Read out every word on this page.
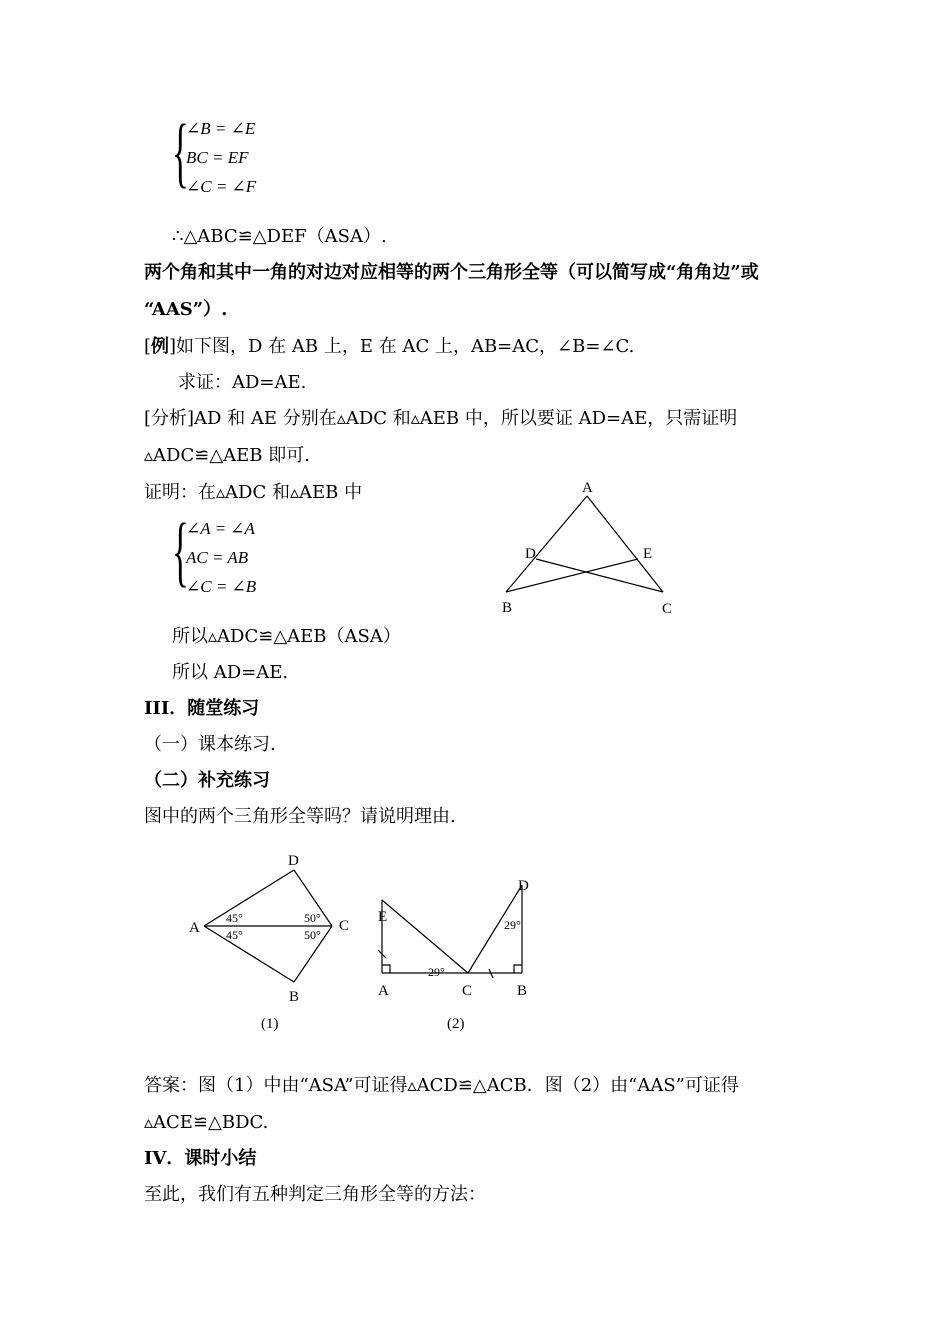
{
∠B = ∠E
BC = EF
∠C = ∠F
∴△ABC≌△DEF（ASA）.
两个角和其中一角的对边对应相等的两个三角形全等（可以简写成“角角边”或
“AAS”）.
[例]如下图，D 在 AB 上，E 在 AC 上，AB=AC，∠B=∠C.
求证：AD=AE.
[分析]AD 和 AE 分别在▵ADC 和▵AEB 中，所以要证 AD=AE，只需证明
▵ADC≌△AEB 即可.
证明：在▵ADC 和▵AEB 中
{
∠A = ∠A
AC = AB
∠C = ∠B
所以▵ADC≌△AEB（ASA）
所以 AD=AE.
A
D	E
B	C
III．随堂练习
（一）课本练习.
（二）补充练习
图中的两个三角形全等吗？请说明理由.
D
A	C
B
(1)
45°
45°
50°
50°
D
E
A	C	B
(2)
29°
29°
答案：图（1）中由“ASA”可证得▵ACD≌△ACB．图（2）由“AAS”可证得
▵ACE≌△BDC.
IV．课时小结
至此，我们有五种判定三角形全等的方法：
